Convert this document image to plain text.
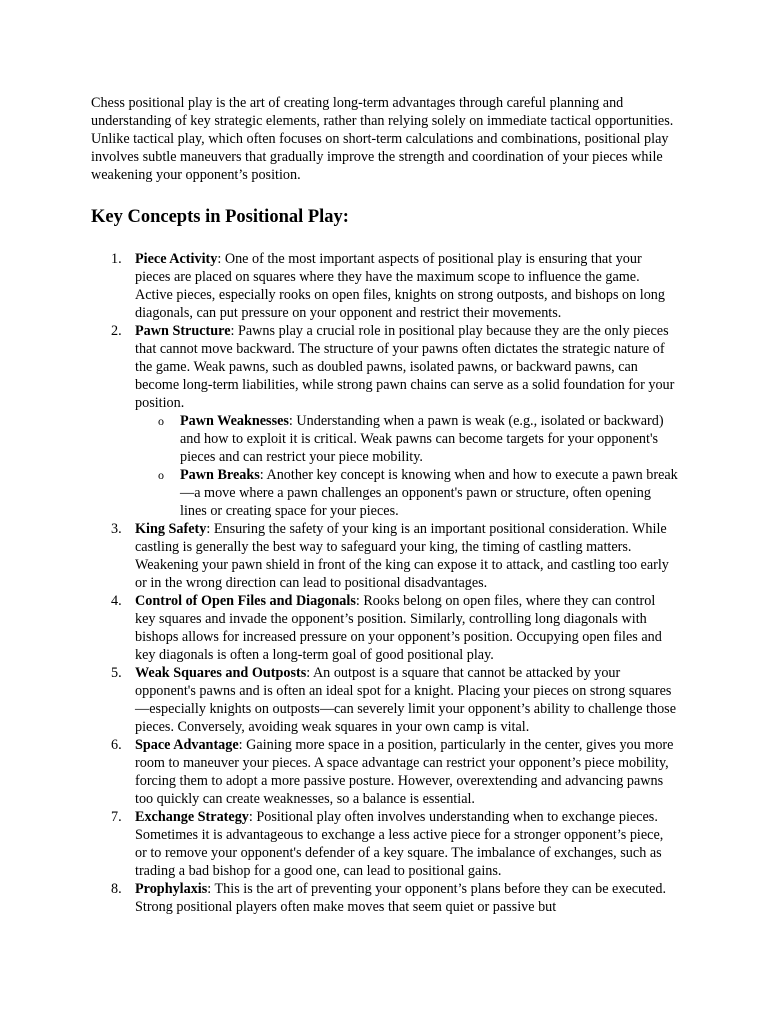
Chess positional play is the art of creating long-term advantages through careful planning and understanding of key strategic elements, rather than relying solely on immediate tactical opportunities. Unlike tactical play, which often focuses on short-term calculations and combinations, positional play involves subtle maneuvers that gradually improve the strength and coordination of your pieces while weakening your opponent’s position.

Key Concepts in Positional Play:
1. Piece Activity: One of the most important aspects of positional play is ensuring that your pieces are placed on squares where they have the maximum scope to influence the game. Active pieces, especially rooks on open files, knights on strong outposts, and bishops on long diagonals, can put pressure on your opponent and restrict their movements.
2. Pawn Structure: Pawns play a crucial role in positional play because they are the only pieces that cannot move backward. The structure of your pawns often dictates the strategic nature of the game. Weak pawns, such as doubled pawns, isolated pawns, or backward pawns, can become long-term liabilities, while strong pawn chains can serve as a solid foundation for your position.
o Pawn Weaknesses: Understanding when a pawn is weak (e.g., isolated or backward) and how to exploit it is critical. Weak pawns can become targets for your opponent's pieces and can restrict your piece mobility.
o Pawn Breaks: Another key concept is knowing when and how to execute a pawn break—a move where a pawn challenges an opponent's pawn or structure, often opening lines or creating space for your pieces.
3. King Safety: Ensuring the safety of your king is an important positional consideration. While castling is generally the best way to safeguard your king, the timing of castling matters. Weakening your pawn shield in front of the king can expose it to attack, and castling too early or in the wrong direction can lead to positional disadvantages.
4. Control of Open Files and Diagonals: Rooks belong on open files, where they can control key squares and invade the opponent’s position. Similarly, controlling long diagonals with bishops allows for increased pressure on your opponent’s position. Occupying open files and key diagonals is often a long-term goal of good positional play.
5. Weak Squares and Outposts: An outpost is a square that cannot be attacked by your opponent's pawns and is often an ideal spot for a knight. Placing your pieces on strong squares—especially knights on outposts—can severely limit your opponent’s ability to challenge those pieces. Conversely, avoiding weak squares in your own camp is vital.
6. Space Advantage: Gaining more space in a position, particularly in the center, gives you more room to maneuver your pieces. A space advantage can restrict your opponent’s piece mobility, forcing them to adopt a more passive posture. However, overextending and advancing pawns too quickly can create weaknesses, so a balance is essential.
7. Exchange Strategy: Positional play often involves understanding when to exchange pieces. Sometimes it is advantageous to exchange a less active piece for a stronger opponent’s piece, or to remove your opponent's defender of a key square. The imbalance of exchanges, such as trading a bad bishop for a good one, can lead to positional gains.
8. Prophylaxis: This is the art of preventing your opponent’s plans before they can be executed. Strong positional players often make moves that seem quiet or passive but
